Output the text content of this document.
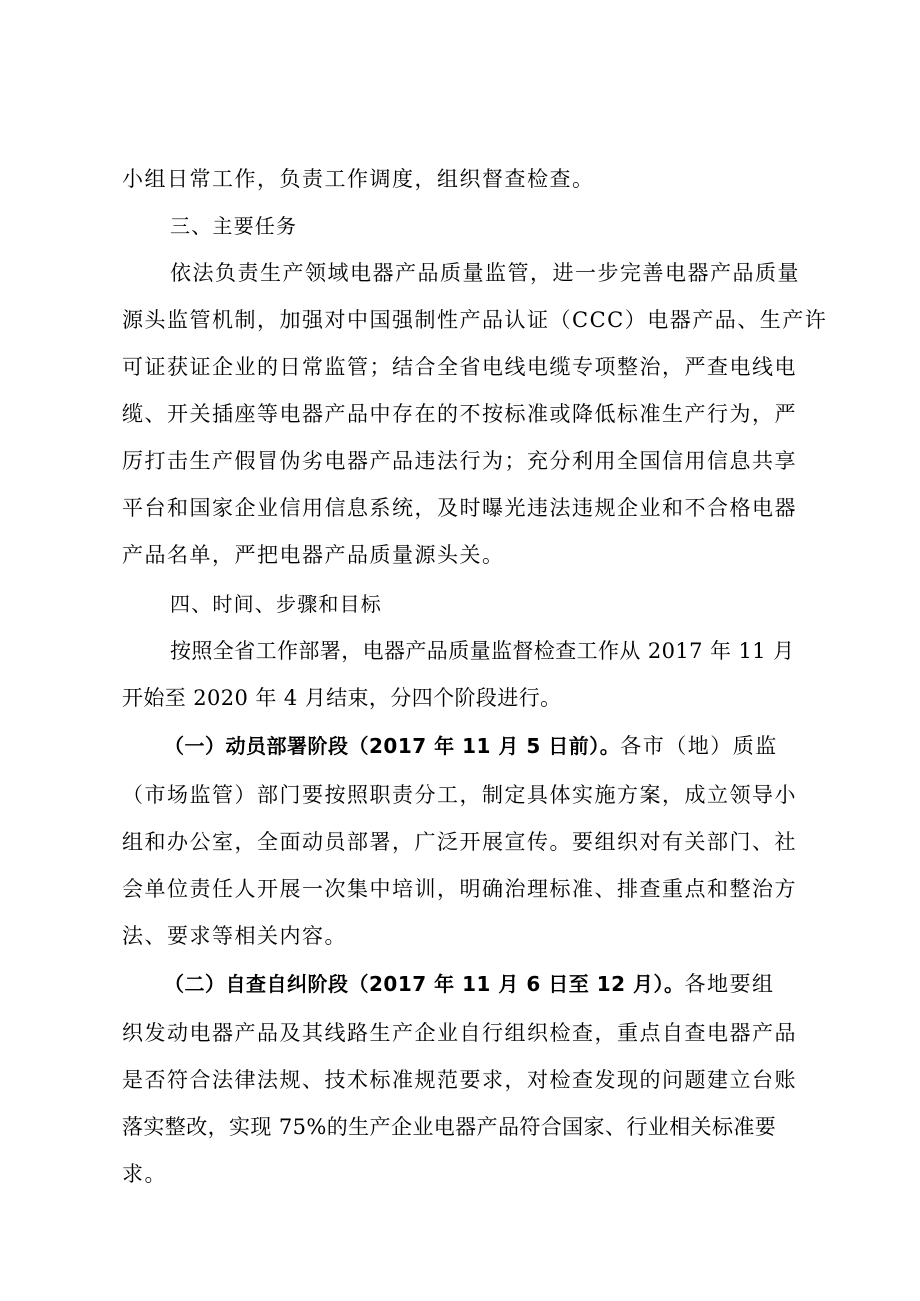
小组日常工作，负责工作调度，组织督查检查。
三、主要任务
依法负责生产领域电器产品质量监管，进一步完善电器产品质量
源头监管机制，加强对中国强制性产品认证（CCC）电器产品、生产许
可证获证企业的日常监管；结合全省电线电缆专项整治，严查电线电
缆、开关插座等电器产品中存在的不按标准或降低标准生产行为，严
厉打击生产假冒伪劣电器产品违法行为；充分利用全国信用信息共享
平台和国家企业信用信息系统，及时曝光违法违规企业和不合格电器
产品名单，严把电器产品质量源头关。
四、时间、步骤和目标
按照全省工作部署，电器产品质量监督检查工作从 2017 年 11 月
开始至 2020 年 4 月结束，分四个阶段进行。
（一）动员部署阶段（2017 年 11 月 5 日前）。各市（地）质监
（市场监管）部门要按照职责分工，制定具体实施方案，成立领导小
组和办公室，全面动员部署，广泛开展宣传。要组织对有关部门、社
会单位责任人开展一次集中培训，明确治理标准、排查重点和整治方
法、要求等相关内容。
（二）自查自纠阶段（2017 年 11 月 6 日至 12 月）。各地要组
织发动电器产品及其线路生产企业自行组织检查，重点自查电器产品
是否符合法律法规、技术标准规范要求，对检查发现的问题建立台账
落实整改，实现 75%的生产企业电器产品符合国家、行业相关标准要
求。
